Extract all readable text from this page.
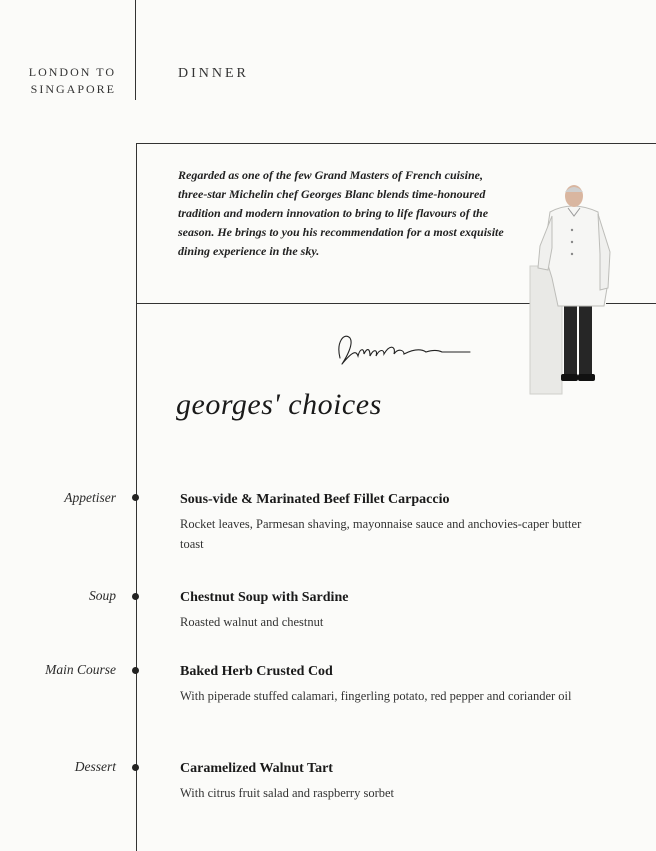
LONDON TO
SINGAPORE
DINNER
Regarded as one of the few Grand Masters of French cuisine, three-star Michelin chef Georges Blanc blends time-honoured tradition and modern innovation to bring to life flavours of the season. He brings to you his recommendation for a most exquisite dining experience in the sky.
georges' choices
Appetiser	Sous-vide & Marinated Beef Fillet Carpaccio
Rocket leaves, Parmesan shaving, mayonnaise sauce and anchovies-caper butter toast
Soup	Chestnut Soup with Sardine
Roasted walnut and chestnut
Main Course	Baked Herb Crusted Cod
With piperade stuffed calamari, fingerling potato, red pepper and coriander oil
Dessert	Caramelized Walnut Tart
With citrus fruit salad and raspberry sorbet
